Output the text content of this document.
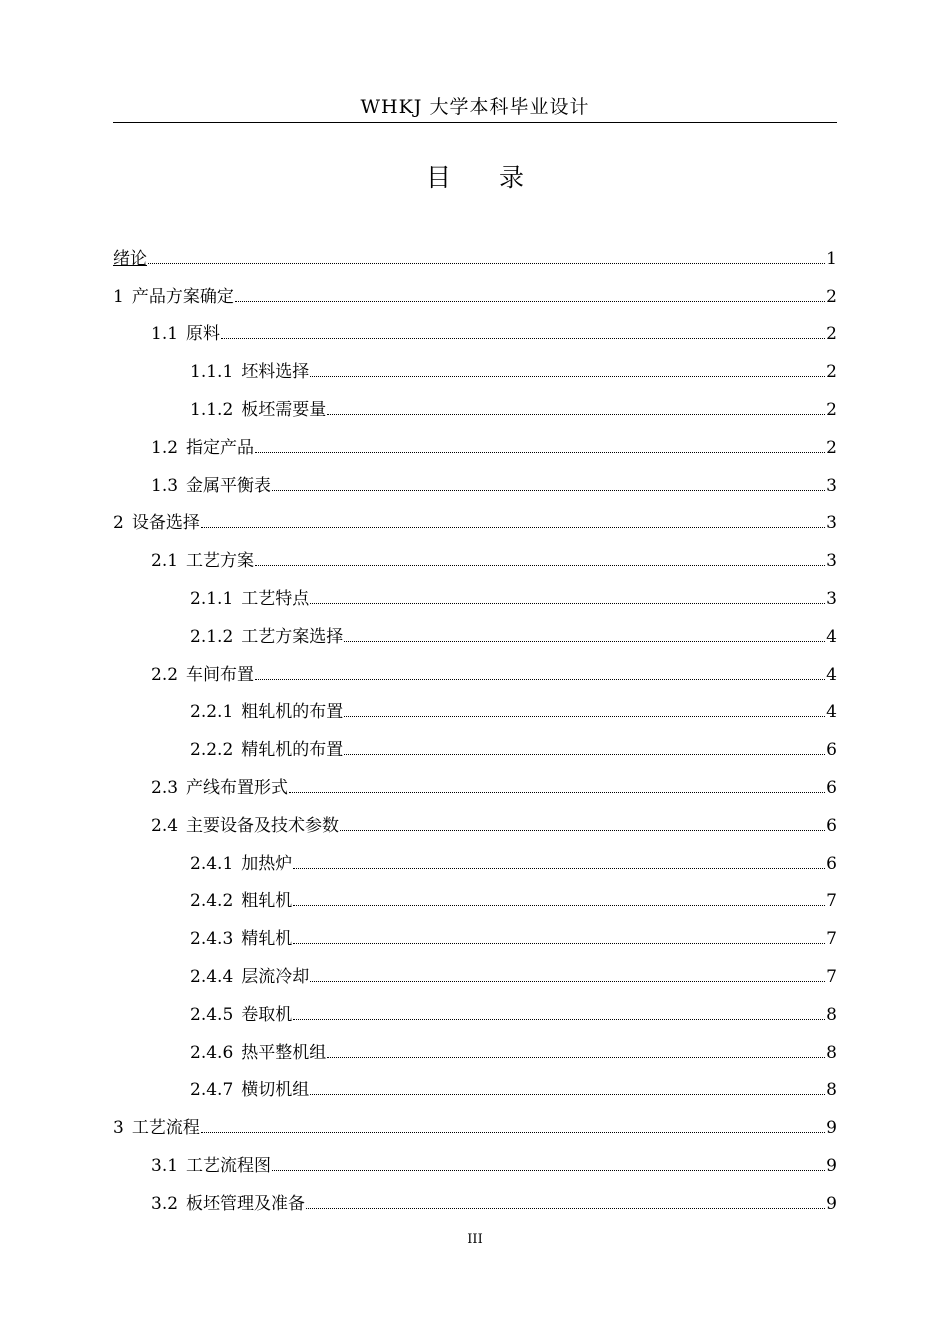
WHKJ 大学本科毕业设计
目 录
绪论	1
1 产品方案确定	2
1.1 原料	2
1.1.1 坯料选择	2
1.1.2 板坯需要量	2
1.2 指定产品	2
1.3 金属平衡表	3
2 设备选择	3
2.1 工艺方案	3
2.1.1 工艺特点	3
2.1.2 工艺方案选择	4
2.2 车间布置	4
2.2.1 粗轧机的布置	4
2.2.2 精轧机的布置	6
2.3 产线布置形式	6
2.4 主要设备及技术参数	6
2.4.1 加热炉	6
2.4.2 粗轧机	7
2.4.3 精轧机	7
2.4.4 层流冷却	7
2.4.5 卷取机	8
2.4.6 热平整机组	8
2.4.7 横切机组	8
3 工艺流程	9
3.1 工艺流程图	9
3.2 板坯管理及准备	9
III
